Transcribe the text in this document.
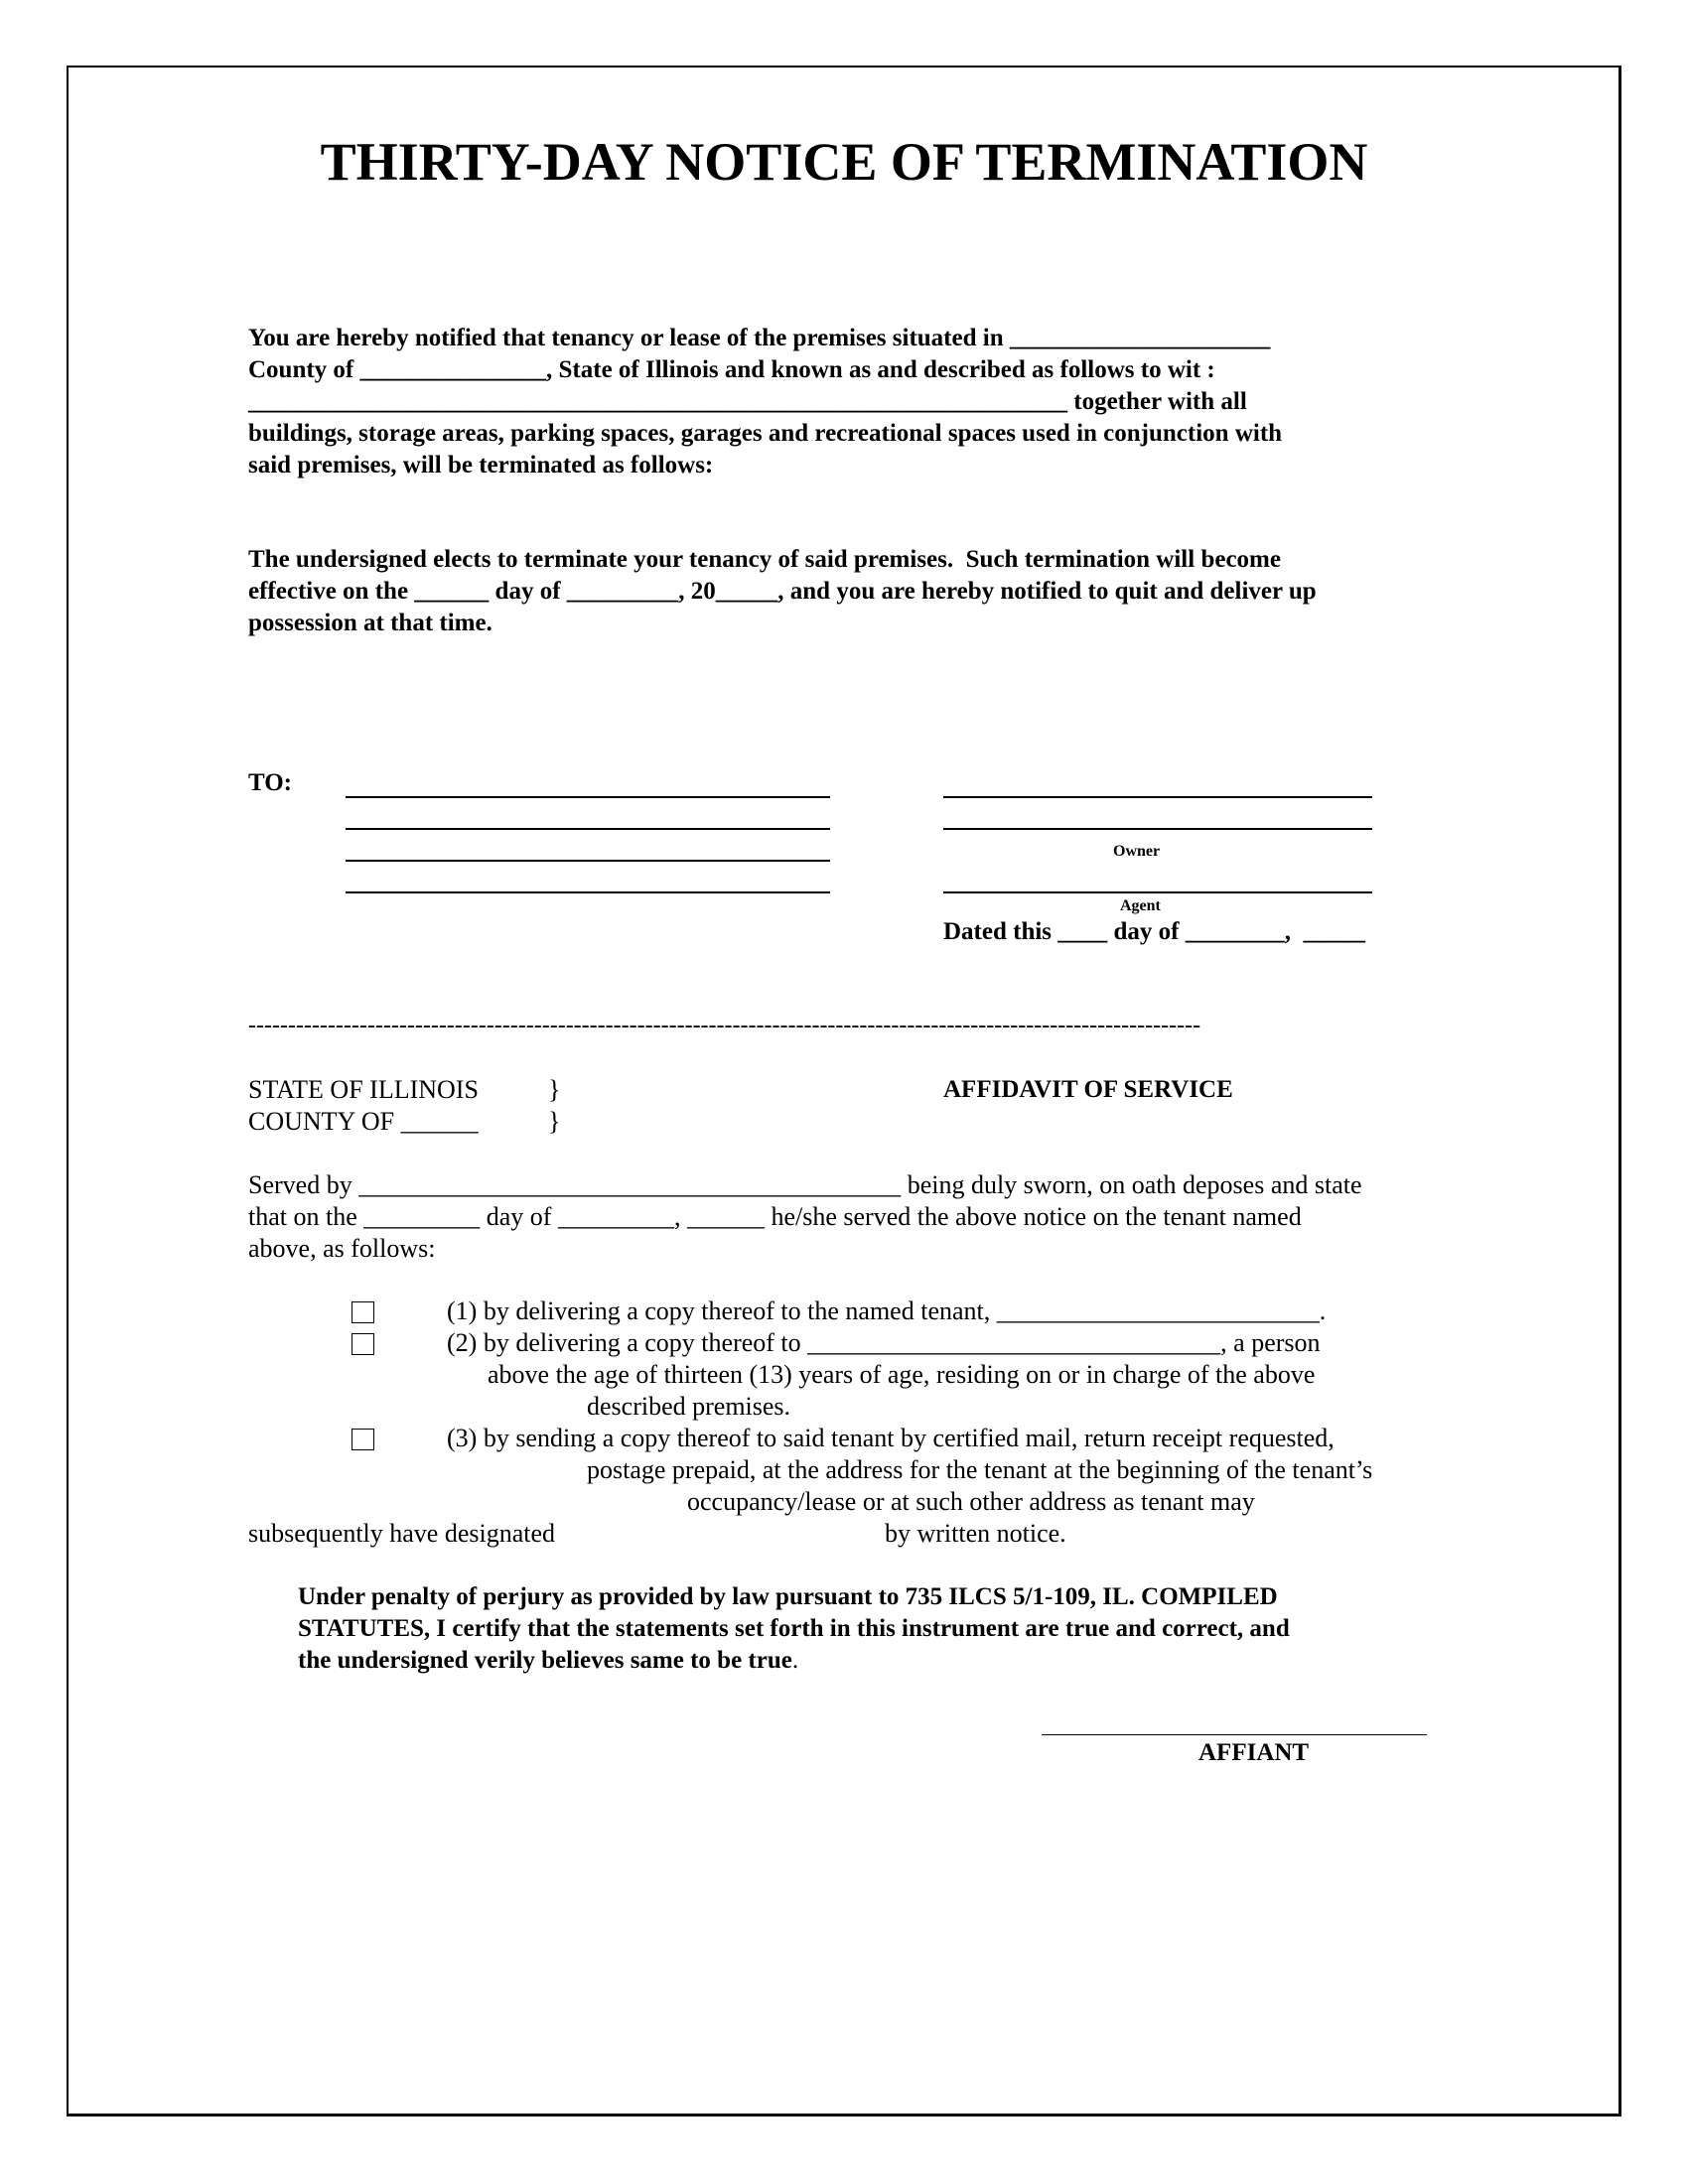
THIRTY-DAY NOTICE OF TERMINATION
You are hereby notified that tenancy or lease of the premises situated in _____________________
County of _______________, State of Illinois and known as and described as follows to wit :
__________________________________________________________________ together with all
buildings, storage areas, parking spaces, garages and recreational spaces used in conjunction with
said premises, will be terminated as follows:
The undersigned elects to terminate your tenancy of said premises.  Such termination will become
effective on the ______ day of _________, 20_____, and you are hereby notified to quit and deliver up
possession at that time.
TO:
Owner
Agent
Dated this ____ day of ________,  _____
------------------------------------------------------------------------------------------------------------------------
STATE OF ILLINOIS
COUNTY OF ______
}
}
AFFIDAVIT OF SERVICE
Served by __________________________________________ being duly sworn, on oath deposes and state
that on the _________ day of _________, ______ he/she served the above notice on the tenant named
above, as follows:
(1) by delivering a copy thereof to the named tenant, _________________________.
(2) by delivering a copy thereof to ________________________________, a person
above the age of thirteen (13) years of age, residing on or in charge of the above
described premises.
(3) by sending a copy thereof to said tenant by certified mail, return receipt requested,
postage prepaid, at the address for the tenant at the beginning of the tenant’s
occupancy/lease or at such other address as tenant may
subsequently have designated	by written notice.
Under penalty of perjury as provided by law pursuant to 735 ILCS 5/1-109, IL. COMPILED
STATUTES, I certify that the statements set forth in this instrument are true and correct, and
the undersigned verily believes same to be true.
AFFIANT
